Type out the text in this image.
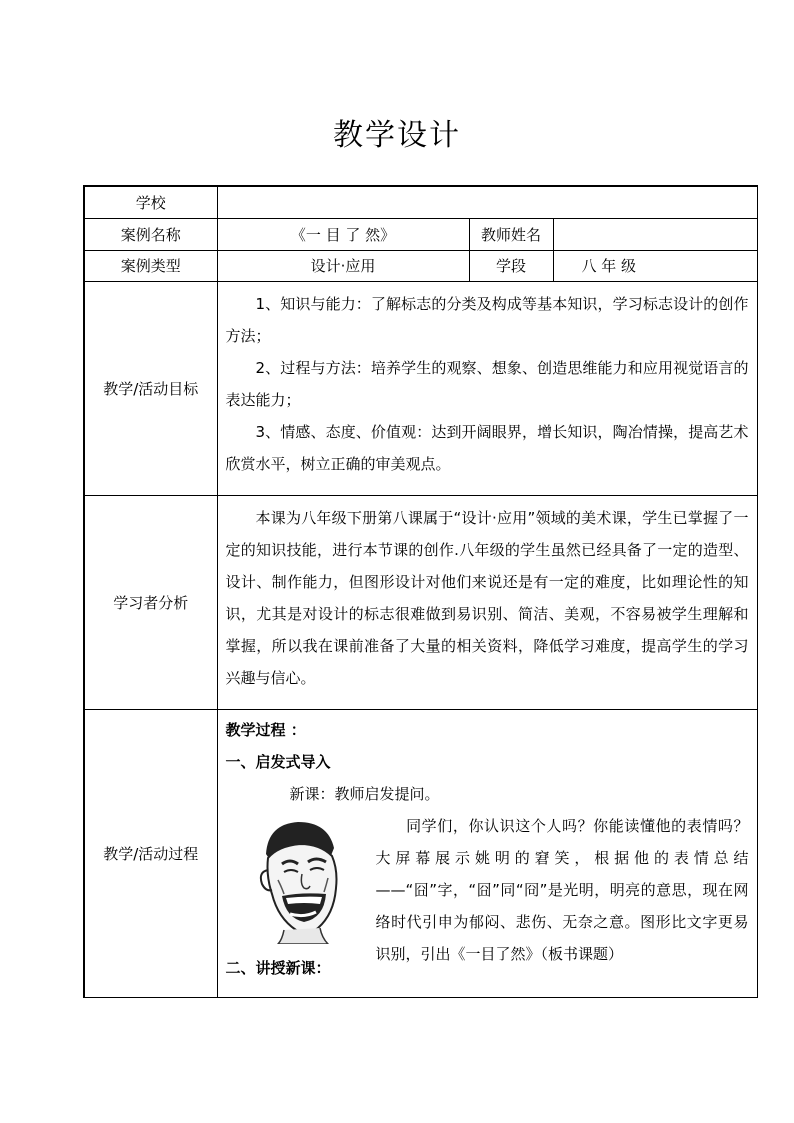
教学设计
学校			
案例名称	《一 目 了 然》	教师姓名	
案例类型	设计·应用	学段	八 年 级
教学/活动目标	1、知识与能力：了解标志的分类及构成等基本知识，学习标志设计的创作方法；

2、过程与方法：培养学生的观察、想象、创造思维能力和应用视觉语言的表达能力；

3、情感、态度、价值观：达到开阔眼界，增长知识，陶冶情操，提高艺术欣赏水平，树立正确的审美观点。		

学习者分析	本课为八年级下册第八课属于“设计·应用”领域的美术课，学生已掌握了一定的知识技能，进行本节课的创作.八年级的学生虽然已经具备了一定的造型、设计、制作能力，但图形设计对他们来说还是有一定的难度，比如理论性的知识，尤其是对设计的标志很难做到易识别、简洁、美观，不容易被学生理解和掌握，所以我在课前准备了大量的相关资料，降低学习难度，提高学生的学习兴趣与信心。		

教学/活动过程	教学过程 ：

一、启发式导入

新课：教师启发提问。

同学们，你认识这个人吗？你能读懂他的表情吗？大屏幕展示姚明的窘笑，根据他的表情总结——“囧”字，“囧”同“冏”是光明，明亮的意思，现在网络时代引申为郁闷、悲伤、无奈之意。图形比文字更易识别，引出《一目了然》（板书课题）

二、讲授新课：		
